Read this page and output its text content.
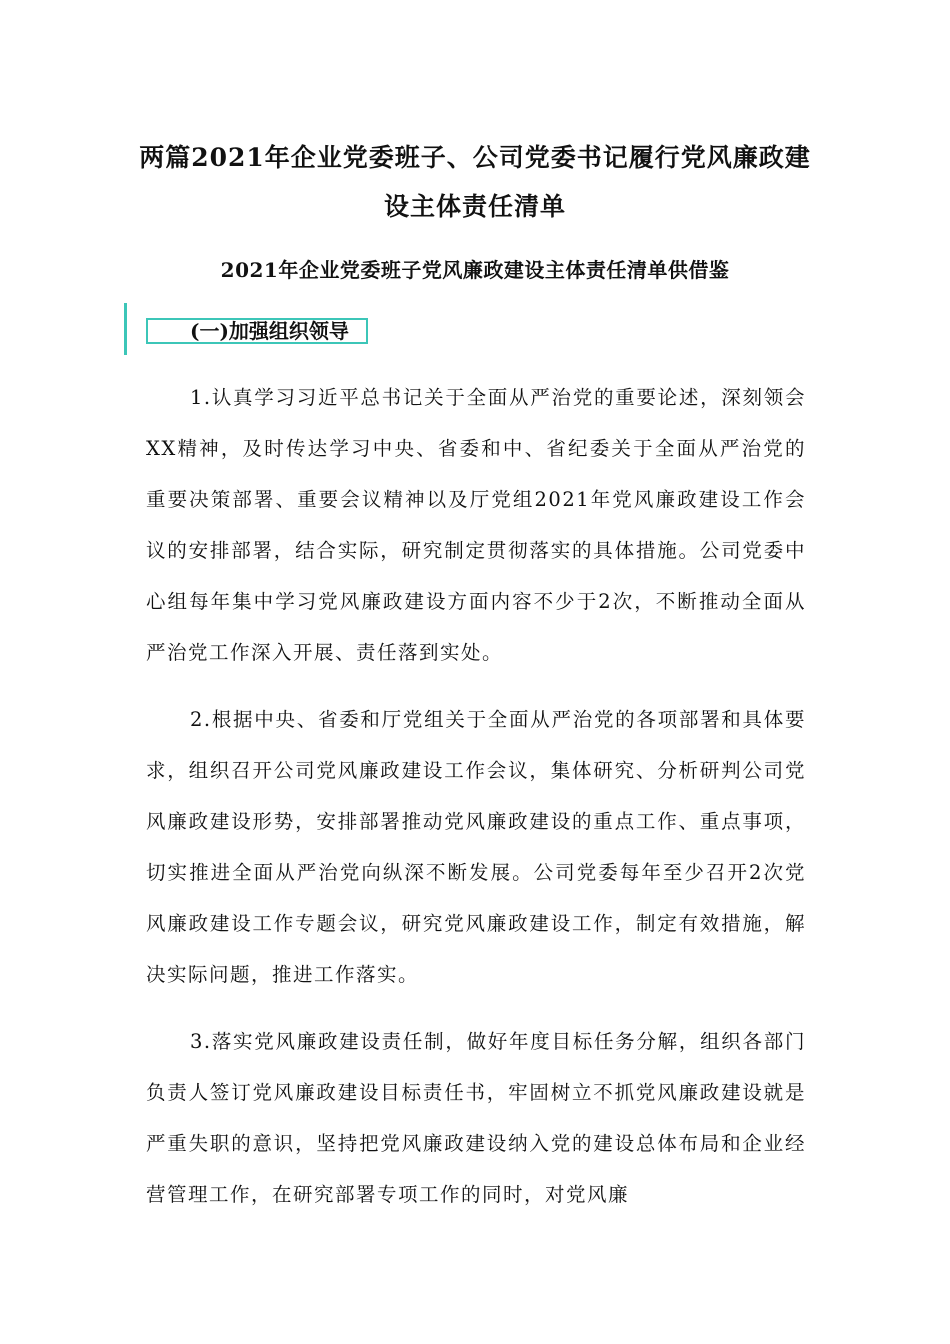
两篇2021年企业党委班子、公司党委书记履行党风廉政建
设主体责任清单
2021年企业党委班子党风廉政建设主体责任清单供借鉴
(一)加强组织领导
1.认真学习习近平总书记关于全面从严治党的重要论述，深刻领会XX精神，及时传达学习中央、省委和中、省纪委关于全面从严治党的重要决策部署、重要会议精神以及厅党组2021年党风廉政建设工作会议的安排部署，结合实际，研究制定贯彻落实的具体措施。公司党委中心组每年集中学习党风廉政建设方面内容不少于2次，不断推动全面从严治党工作深入开展、责任落到实处。
2.根据中央、省委和厅党组关于全面从严治党的各项部署和具体要求，组织召开公司党风廉政建设工作会议，集体研究、分析研判公司党风廉政建设形势，安排部署推动党风廉政建设的重点工作、重点事项，切实推进全面从严治党向纵深不断发展。公司党委每年至少召开2次党风廉政建设工作专题会议，研究党风廉政建设工作，制定有效措施，解决实际问题，推进工作落实。
3.落实党风廉政建设责任制，做好年度目标任务分解，组织各部门负责人签订党风廉政建设目标责任书，牢固树立不抓党风廉政建设就是严重失职的意识，坚持把党风廉政建设纳入党的建设总体布局和企业经营管理工作，在研究部署专项工作的同时，对党风廉
